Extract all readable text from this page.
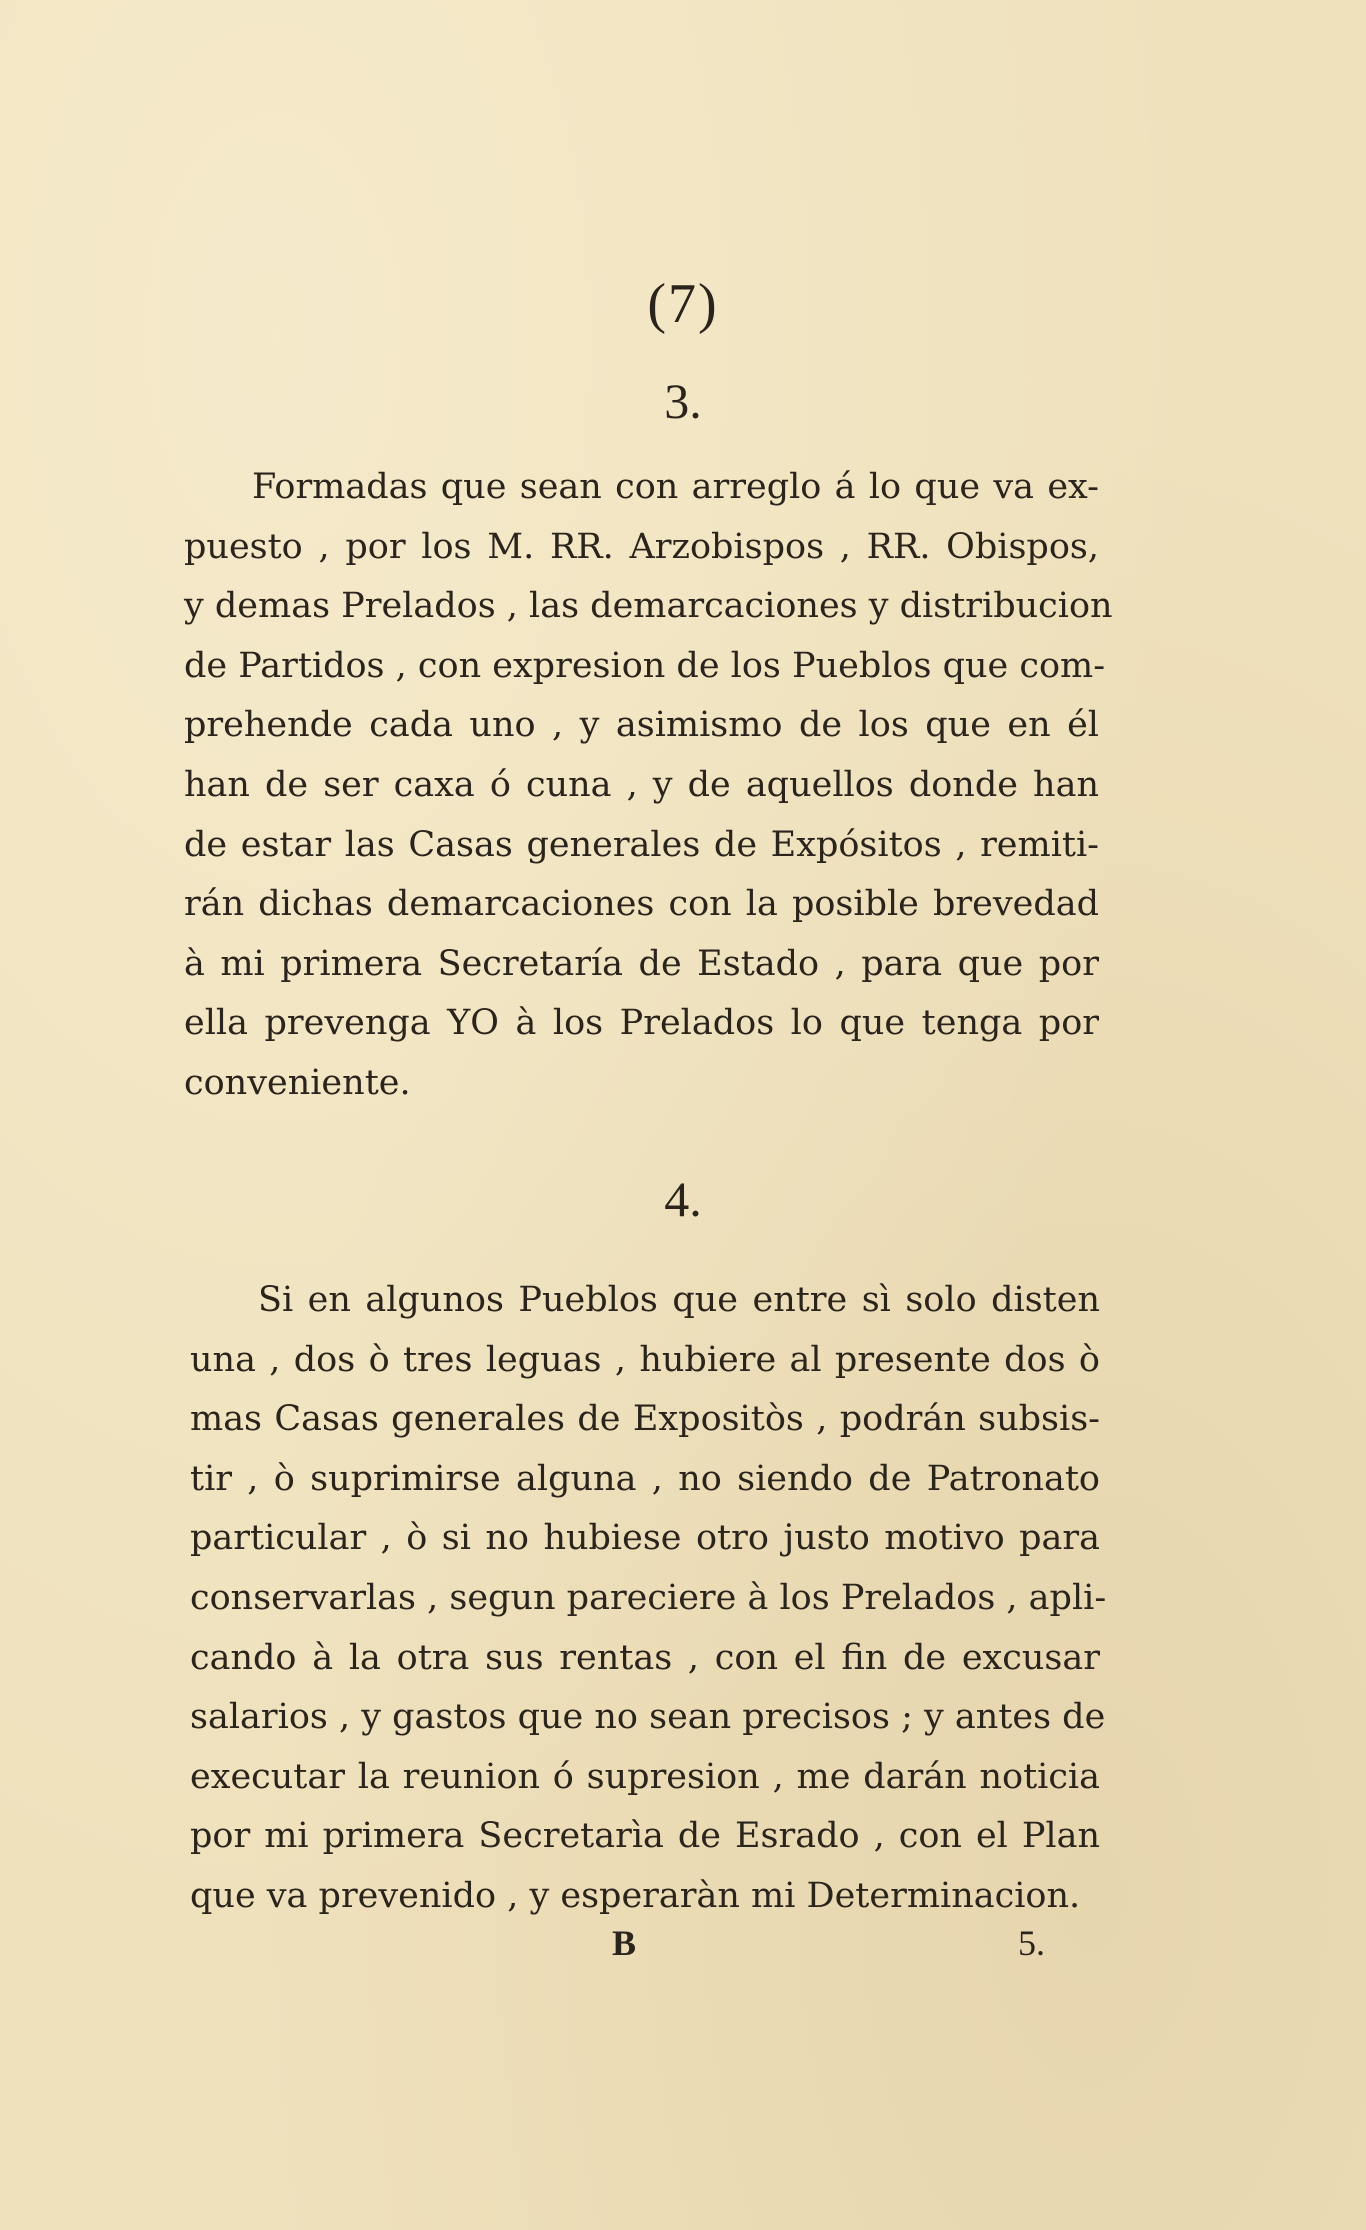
(7)
3.
Formadas que sean con arreglo á lo que va ex-
puesto , por los M. RR. Arzobispos , RR. Obispos,
y demas Prelados , las demarcaciones y distribucion
de Partidos , con expresion de los Pueblos que com-
prehende cada uno , y asimismo de los que en él
han de ser caxa ó cuna , y de aquellos donde han
de estar las Casas generales de Expósitos , remiti-
rán dichas demarcaciones con la posible brevedad
à mi primera Secretaría de Estado , para que por
ella prevenga YO à los Prelados lo que tenga por
conveniente.
4.
Si en algunos Pueblos que entre sì solo disten
una , dos ò tres leguas , hubiere al presente dos ò
mas Casas generales de Expositòs , podrán subsis-
tir , ò suprimirse alguna , no siendo de Patronato
particular , ò si no hubiese otro justo motivo para
conservarlas , segun pareciere à los Prelados , apli-
cando à la otra sus rentas , con el fin de excusar
salarios , y gastos que no sean precisos ; y antes de
executar la reunion ó supresion , me darán noticia
por mi primera Secretarìa de Esrado , con el Plan
que va prevenido , y esperaràn mi Determinacion.
B	5.
